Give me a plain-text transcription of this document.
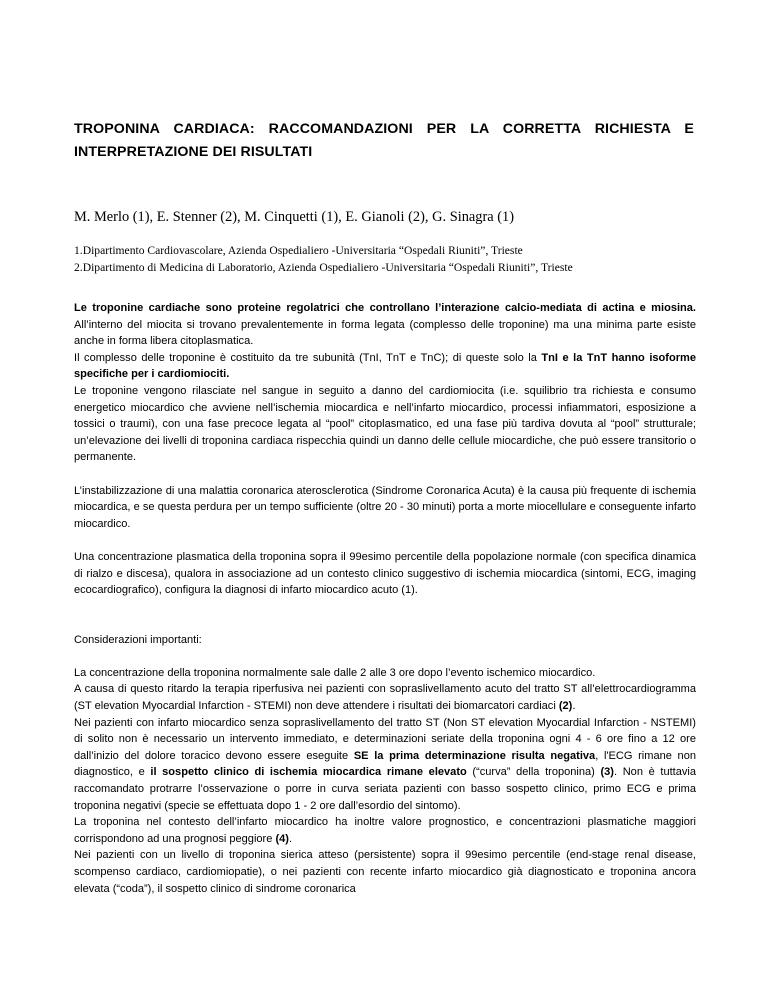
TROPONINA CARDIACA: RACCOMANDAZIONI PER LA CORRETTA RICHIESTA E INTERPRETAZIONE DEI RISULTATI
M. Merlo (1), E. Stenner (2), M. Cinquetti (1), E. Gianoli (2), G. Sinagra (1)
1.Dipartimento Cardiovascolare, Azienda Ospedialiero -Universitaria “Ospedali Riuniti”, Trieste
2.Dipartimento di Medicina di Laboratorio, Azienda Ospedialiero -Universitaria “Ospedali Riuniti”, Trieste

Le troponine cardiache sono proteine regolatrici che controllano l’interazione calcio-mediata di actina e miosina. All’interno del miocita si trovano prevalentemente in forma legata (complesso delle troponine) ma una minima parte esiste anche in forma libera citoplasmatica.

Il complesso delle troponine è costituito da tre subunità (TnI, TnT e TnC); di queste solo la TnI e la TnT hanno isoforme specifiche per i cardiomiociti.

Le troponine vengono rilasciate nel sangue in seguito a danno del cardiomiocita (i.e. squilibrio tra richiesta e consumo energetico miocardico che avviene nell’ischemia miocardica e nell’infarto miocardico, processi infiammatori, esposizione a tossici o traumi), con una fase precoce legata al “pool” citoplasmatico, ed una fase più tardiva dovuta al “pool” strutturale; un’elevazione dei livelli di troponina cardiaca rispecchia quindi un danno delle cellule miocardiche, che può essere transitorio o permanente.

L’instabilizzazione di una malattia coronarica aterosclerotica (Sindrome Coronarica Acuta) è la causa più frequente di ischemia miocardica, e se questa perdura per un tempo sufficiente (oltre 20 - 30 minuti) porta a morte miocellulare e conseguente infarto miocardico.

Una concentrazione plasmatica della troponina sopra il 99esimo percentile della popolazione normale (con specifica dinamica di rialzo e discesa), qualora in associazione ad un contesto clinico suggestivo di ischemia miocardica (sintomi, ECG, imaging ecocardiografico), configura la diagnosi di infarto miocardico acuto (1).

Considerazioni importanti:

La concentrazione della troponina normalmente sale dalle 2 alle 3 ore dopo l’evento ischemico miocardico.

A causa di questo ritardo la terapia riperfusiva nei pazienti con sopraslivellamento acuto del tratto ST all’elettrocardiogramma (ST elevation Myocardial Infarction - STEMI) non deve attendere i risultati dei biomarcatori cardiaci (2).

Nei pazienti con infarto miocardico senza sopraslivellamento del tratto ST (Non ST elevation Myocardial Infarction - NSTEMI) di solito non è necessario un intervento immediato, e determinazioni seriate della troponina ogni 4 - 6 ore fino a 12 ore dall’inizio del dolore toracico devono essere eseguite SE la prima determinazione risulta negativa, l'ECG rimane non diagnostico, e il sospetto clinico di ischemia miocardica rimane elevato (“curva” della troponina) (3). Non è tuttavia raccomandato protrarre l’osservazione o porre in curva seriata pazienti con basso sospetto clinico, primo ECG e prima troponina negativi (specie se effettuata dopo 1 - 2 ore dall’esordio del sintomo).

La troponina nel contesto dell’infarto miocardico ha inoltre valore prognostico, e concentrazioni plasmatiche maggiori corrispondono ad una prognosi peggiore (4).

Nei pazienti con un livello di troponina sierica atteso (persistente) sopra il 99esimo percentile (end-stage renal disease, scompenso cardiaco, cardiomiopatie), o nei pazienti con recente infarto miocardico già diagnosticato e troponina ancora elevata (“coda”), il sospetto clinico di sindrome coronarica
